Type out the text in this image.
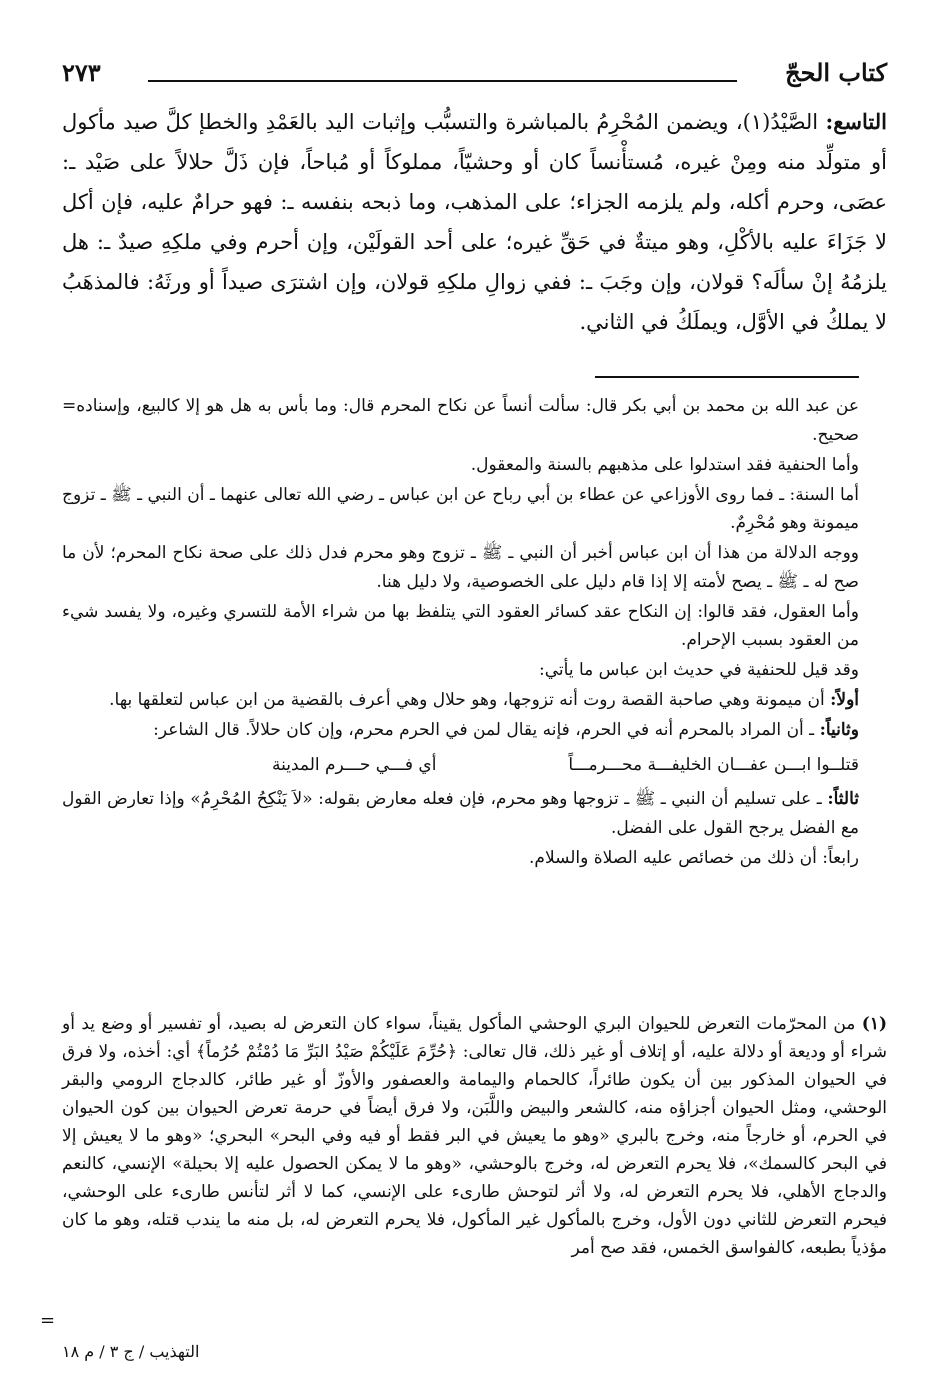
كتاب الحجّ
٢٧٣
التاسع: الصَّيْدُ(١)، ويضمن المُحْرِمُ بالمباشرة والتسبُّب وإثبات اليد بالعَمْدِ والخطإ كلَّ صيد مأكول أو متولِّد منه ومِنْ غيره، مُستأْنساً كان أو وحشيّاً، مملوكاً أو مُباحاً، فإن ذَلَّ حلالاً على صَيْد ـ: عصَى، وحرم أكله، ولم يلزمه الجزاء؛ على المذهب، وما ذبحه بنفسه ـ: فهو حرامٌ عليه، فإن أكل لا جَزَاءَ عليه بالأكْلِ، وهو ميتةٌ في حَقِّ غيره؛ على أحد القولَيْن، وإن أحرم وفي ملكِهِ صيدٌ ـ: هل يلزمُهُ إنْ سألَه؟ قولان، وإن وجَبَ ـ: ففي زوالِ ملكِهِ قولان، وإن اشترَى صيداً أو ورثَهُ: فالمذهَبُ لا يملكُ في الأوَّل، ويملَكُ في الثاني.

= عن عبد الله بن محمد بن أبي بكر قال: سألت أنساً عن نكاح المحرم قال: وما بأس به هل هو إلا كالبيع، وإسناده صحيح.

وأما الحنفية فقد استدلوا على مذهبهم بالسنة والمعقول.

أما السنة: ـ فما روى الأوزاعي عن عطاء بن أبي رباح عن ابن عباس ـ رضي الله تعالى عنهما ـ أن النبي ـ ﷺ ـ تزوج ميمونة وهو مُحْرِمٌ.

ووجه الدلالة من هذا أن ابن عباس أخبر أن النبي ـ ﷺ ـ تزوج وهو محرم فدل ذلك على صحة نكاح المحرم؛ لأن ما صح له ـ ﷺ ـ يصح لأمته إلا إذا قام دليل على الخصوصية، ولا دليل هنا.

وأما العقول، فقد قالوا: إن النكاح عقد كسائر العقود التي يتلفظ بها من شراء الأمة للتسري وغيره، ولا يفسد شيء من العقود بسبب الإحرام.

وقد قيل للحنفية في حديث ابن عباس ما يأتي:

أولاً: أن ميمونة وهي صاحبة القصة روت أنه تزوجها، وهو حلال وهي أعرف بالقضية من ابن عباس لتعلقها بها.

وثانياً: ـ أن المراد بالمحرم أنه في الحرم، فإنه يقال لمن في الحرم محرم، وإن كان حلالاً. قال الشاعر:

قتلــوا ابـــن عفـــان الخليفـــة محـــرمـــاً
أي فـــي حـــرم المدينة

ثالثاً: ـ على تسليم أن النبي ـ ﷺ ـ تزوجها وهو محرم، فإن فعله معارض بقوله: «لاَ يَنْكِحُ المُحْرِمُ» وإذا تعارض القول مع الفضل يرجح القول على الفضل.

رابعاً: أن ذلك من خصائص عليه الصلاة والسلام.

(١) من المحرّمات التعرض للحيوان البري الوحشي المأكول يقيناً، سواء كان التعرض له بصيد، أو تفسير أو وضع يد أو شراء أو وديعة أو دلالة عليه، أو إتلاف أو غير ذلك، قال تعالى: ﴿حُرِّمَ عَلَيْكُمْ صَيْدُ البَرِّ مَا دُمْتُمْ حُرُماً﴾ أي: أخذه، ولا فرق في الحيوان المذكور بين أن يكون طائراً، كالحمام واليمامة والعصفور والأوزّ أو غير طائر، كالدجاج الرومي والبقر الوحشي، ومثل الحيوان أجزاؤه منه، كالشعر والبيض واللَّبَن، ولا فرق أيضاً في حرمة تعرض الحيوان بين كون الحيوان في الحرم، أو خارجاً منه، وخرج بالبري «وهو ما يعيش في البر فقط أو فيه وفي البحر» البحري؛ «وهو ما لا يعيش إلا في البحر كالسمك»، فلا يحرم التعرض له، وخرج بالوحشي، «وهو ما لا يمكن الحصول عليه إلا بحيلة» الإنسي، كالنعم والدجاج الأهلي، فلا يحرم التعرض له، ولا أثر لتوحش طارىء على الإنسي، كما لا أثر لتأنس طارىء على الوحشي، فيحرم التعرض للثاني دون الأول، وخرج بالمأكول غير المأكول، فلا يحرم التعرض له، بل منه ما يندب قتله، وهو ما كان مؤذياً بطبعه، كالفواسق الخمس، فقد صح أمر
=
التهذيب / ج ٣ / م ١٨
